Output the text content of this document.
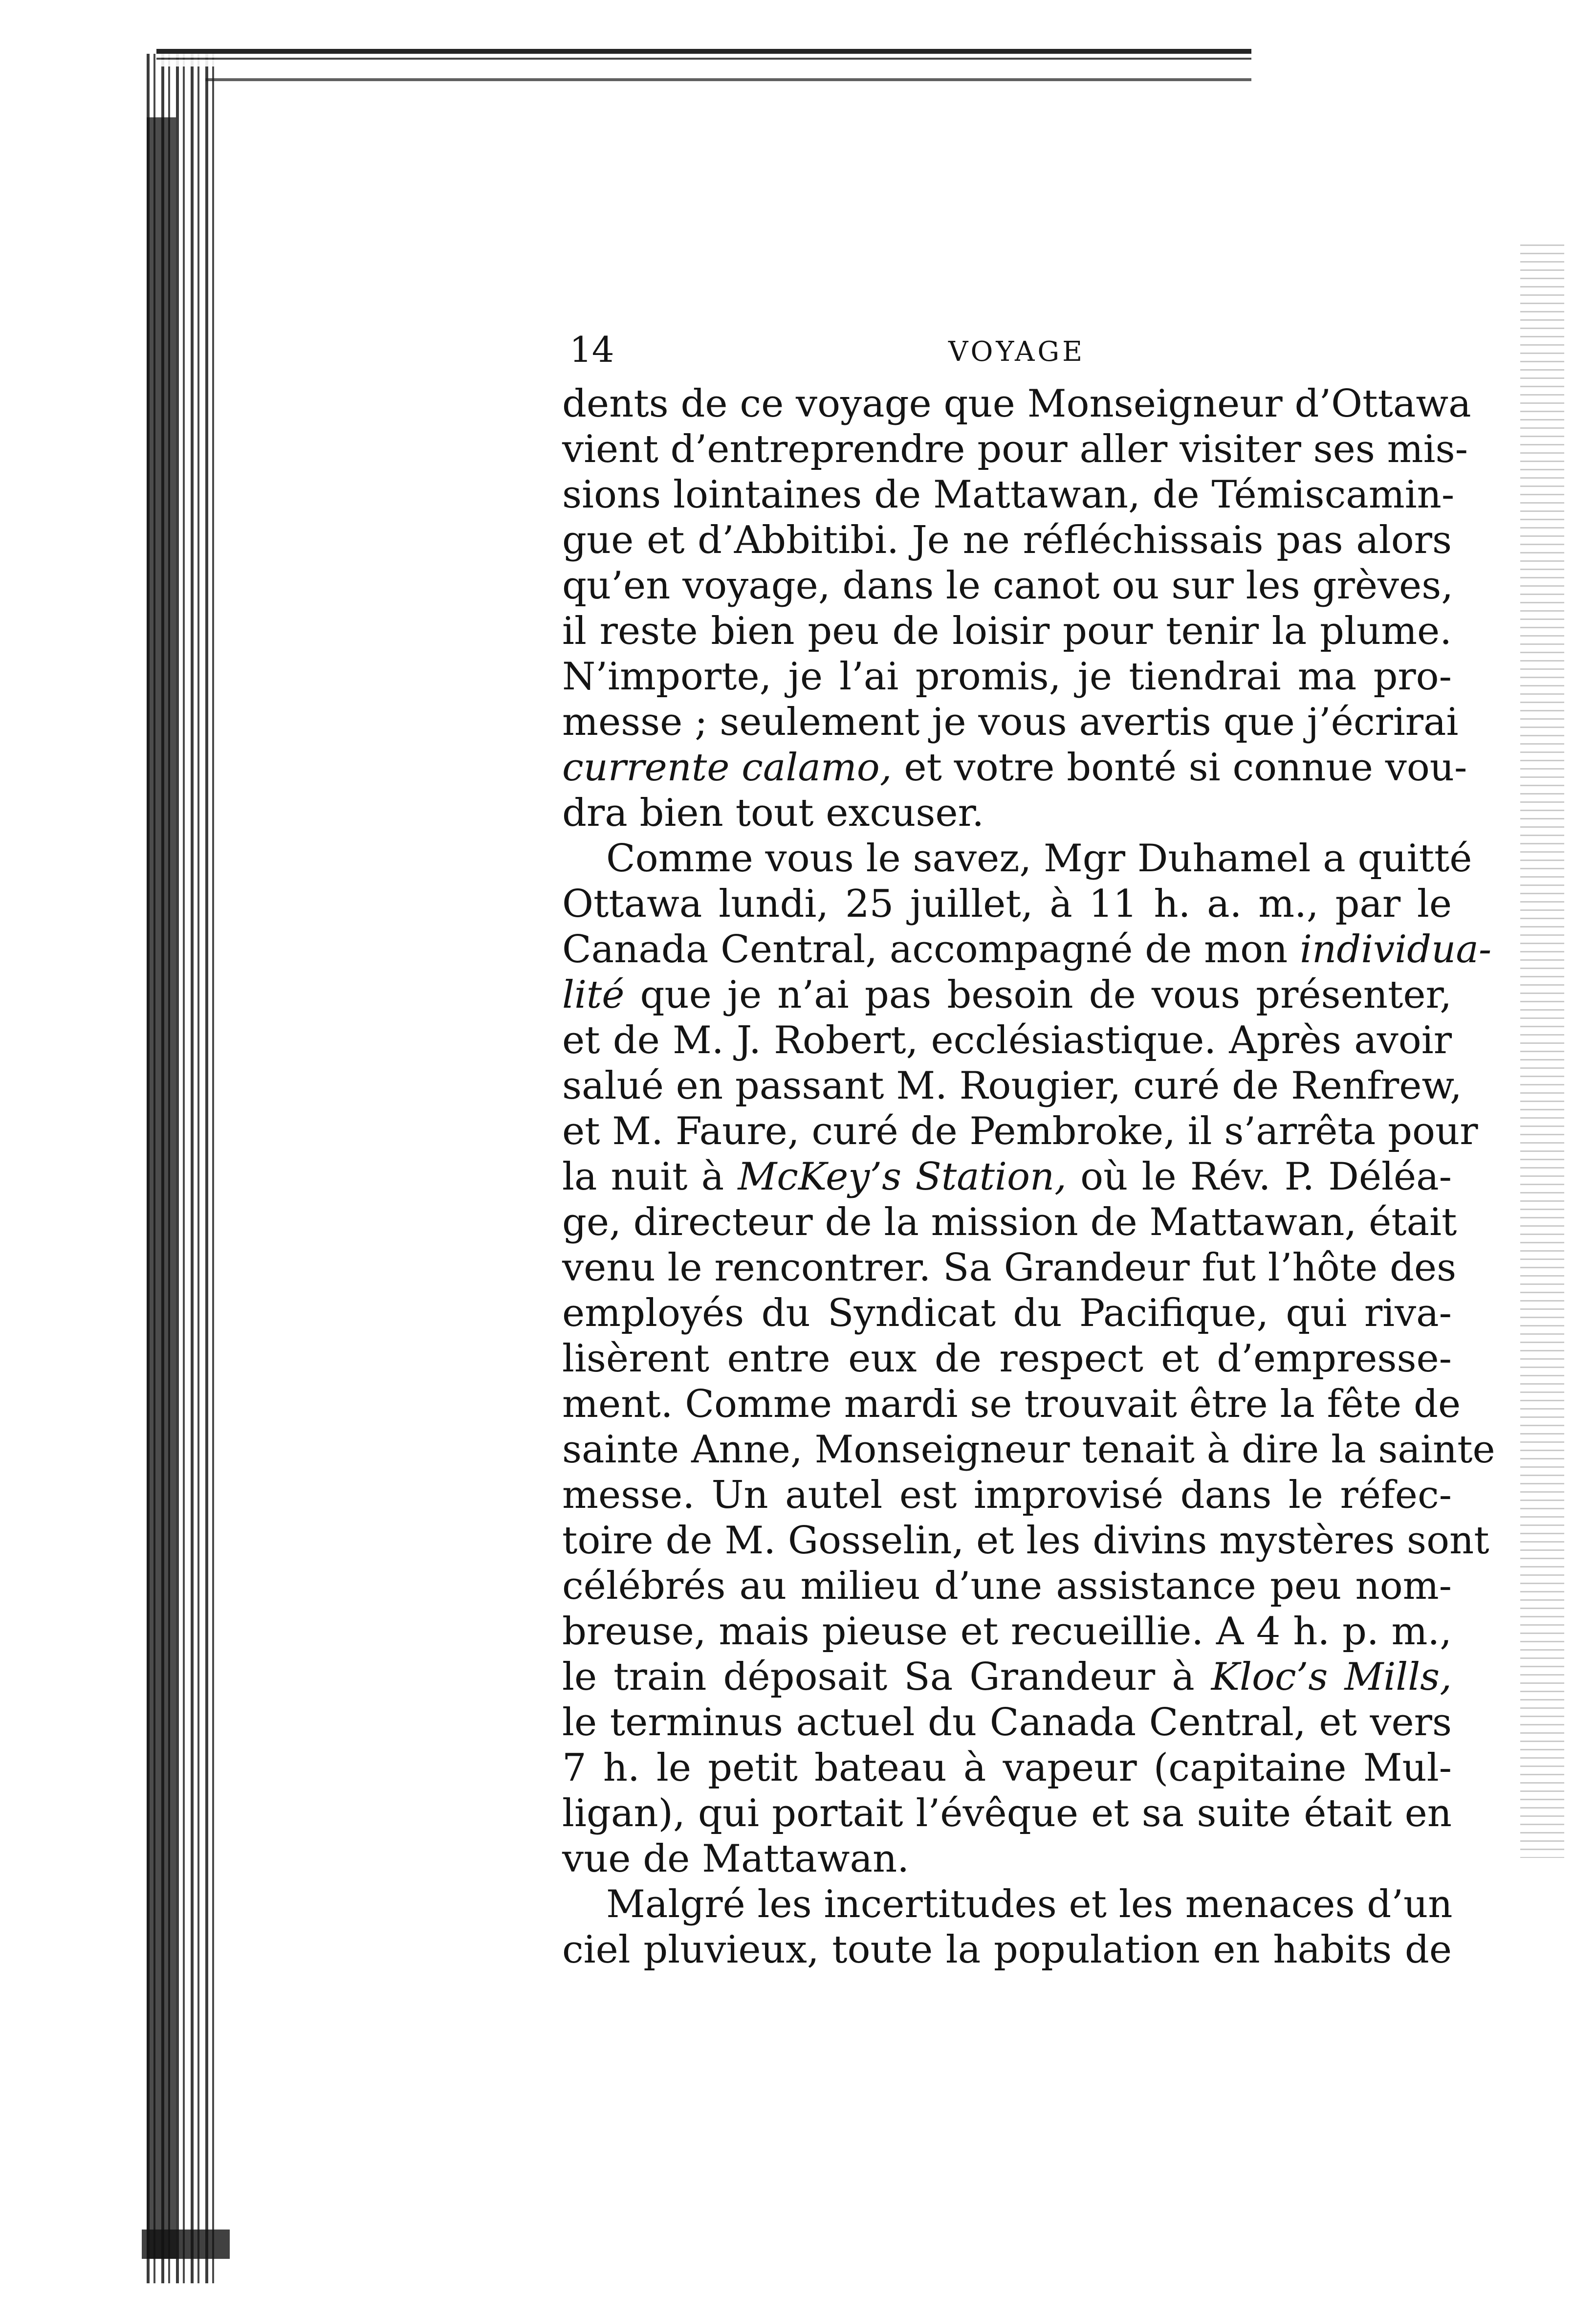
14	VOYAGE
dents de ce voyage que Monseigneur d’Ottawa
vient d’entreprendre pour aller visiter ses mis-
sions lointaines de Mattawan, de Témiscamin-
gue et d’Abbitibi. Je ne réfléchissais pas alors
qu’en voyage, dans le canot ou sur les grèves,
il reste bien peu de loisir pour tenir la plume.
N’importe, je l’ai promis, je tiendrai ma pro-
messe ; seulement je vous avertis que j’écrirai
currente calamo, et votre bonté si connue vou-
dra bien tout excuser.
Comme vous le savez, Mgr Duhamel a quitté
Ottawa lundi, 25 juillet, à 11 h. a. m., par le
Canada Central, accompagné de mon individua-
lité que je n’ai pas besoin de vous présenter,
et de M. J. Robert, ecclésiastique. Après avoir
salué en passant M. Rougier, curé de Renfrew,
et M. Faure, curé de Pembroke, il s’arrêta pour
la nuit à McKey’s Station, où le Rév. P. Déléa-
ge, directeur de la mission de Mattawan, était
venu le rencontrer. Sa Grandeur fut l’hôte des
employés du Syndicat du Pacifique, qui riva-
lisèrent entre eux de respect et d’empresse-
ment. Comme mardi se trouvait être la fête de
sainte Anne, Monseigneur tenait à dire la sainte
messe. Un autel est improvisé dans le réfec-
toire de M. Gosselin, et les divins mystères sont
célébrés au milieu d’une assistance peu nom-
breuse, mais pieuse et recueillie. A 4 h. p. m.,
le train déposait Sa Grandeur à Kloc’s Mills,
le terminus actuel du Canada Central, et vers
7 h. le petit bateau à vapeur (capitaine Mul-
ligan), qui portait l’évêque et sa suite était en
vue de Mattawan.
Malgré les incertitudes et les menaces d’un
ciel pluvieux, toute la population en habits de
